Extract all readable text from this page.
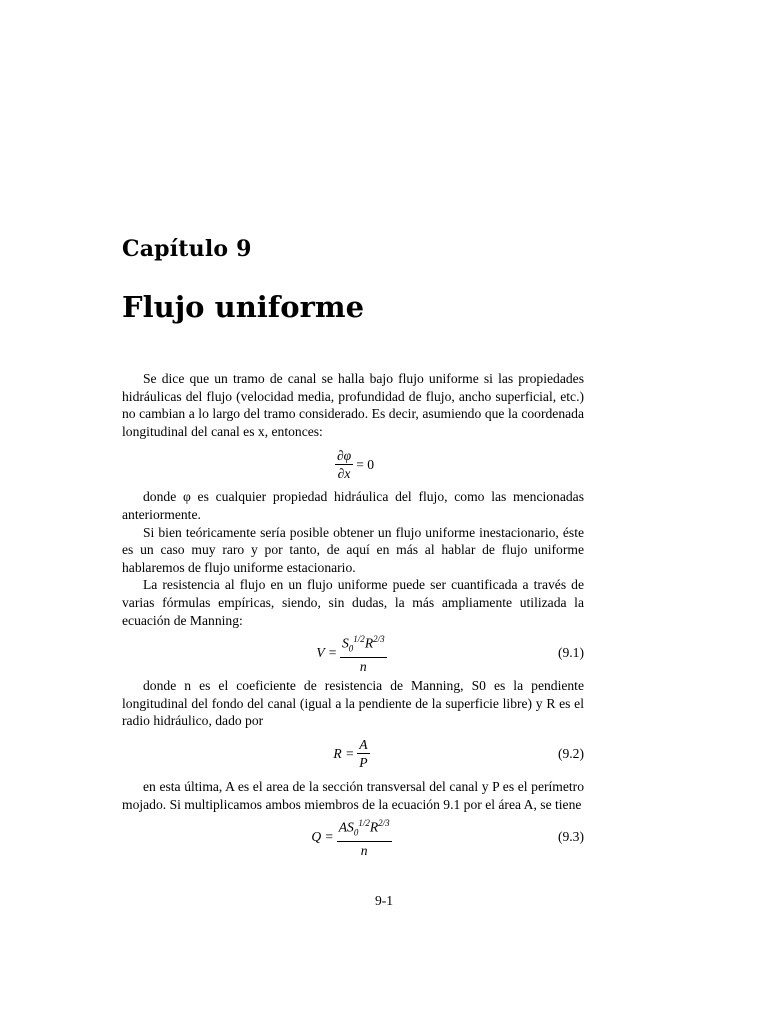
Capítulo 9
Flujo uniforme

Se dice que un tramo de canal se halla bajo flujo uniforme si las propiedades hidráulicas del flujo (velocidad media, profundidad de flujo, ancho superficial, etc.) no cambian a lo largo del tramo considerado. Es decir, asumiendo que la coordenada longitudinal del canal es x, entonces:

$\frac{\partial\varphi}{\partial x} = 0$

donde φ es cualquier propiedad hidráulica del flujo, como las mencionadas anteriormente.

Si bien teóricamente sería posible obtener un flujo uniforme inestacionario, éste es un caso muy raro y por tanto, de aquí en más al hablar de flujo uniforme hablaremos de flujo uniforme estacionario.

La resistencia al flujo en un flujo uniforme puede ser cuantificada a través de varias fórmulas empíricas, siendo, sin dudas, la más ampliamente utilizada la ecuación de Manning:

$V = \frac{S_0^{1/2}R^{2/3}}{n}$	(9.1)

donde n es el coeficiente de resistencia de Manning, S0 es la pendiente longitudinal del fondo del canal (igual a la pendiente de la superficie libre) y R es el radio hidráulico, dado por

$R = \frac{A}{P}$	(9.2)

en esta última, A es el area de la sección transversal del canal y P es el perímetro mojado. Si multiplicamos ambos miembros de la ecuación 9.1 por el área A, se tiene

$Q = \frac{AS_0^{1/2}R^{2/3}}{n}$	(9.3)
9-1
